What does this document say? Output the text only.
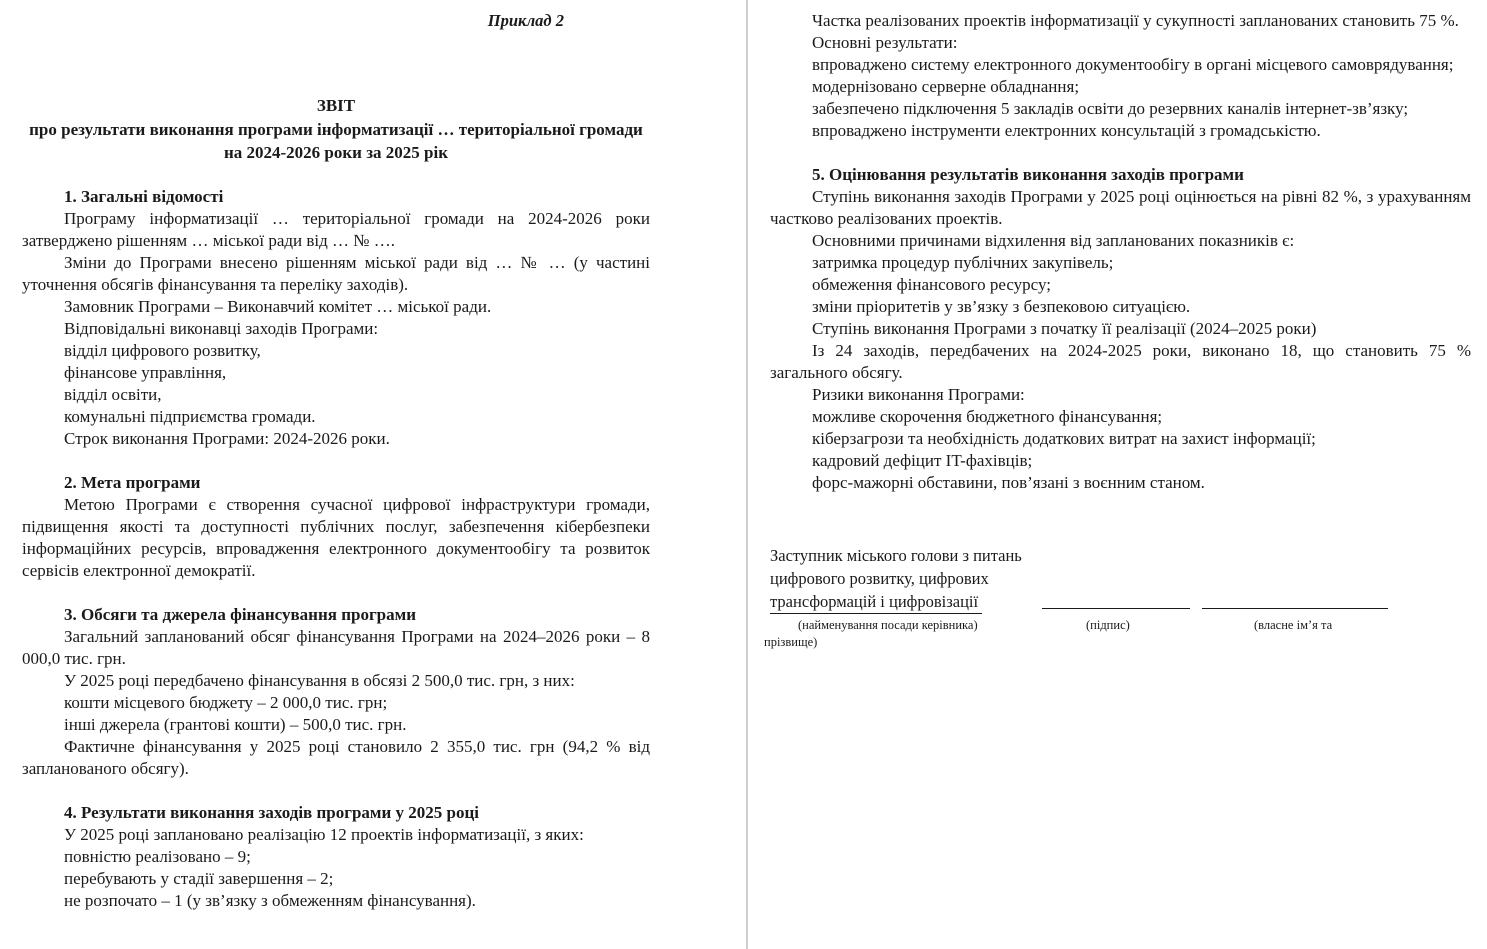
Приклад 2
ЗВІТ
про результати виконання програми інформатизації … територіальної громади на 2024-2026 роки за 2025 рік
1. Загальні відомості

Програму інформатизації … територіальної громади на 2024-2026 роки затверджено рішенням … міської ради від … № ….

Зміни до Програми внесено рішенням міської ради від … № … (у частині уточнення обсягів фінансування та переліку заходів).

Замовник Програми – Виконавчий комітет … міської ради.

Відповідальні виконавці заходів Програми:

відділ цифрового розвитку,

фінансове управління,

відділ освіти,

комунальні підприємства громади.

Строк виконання Програми: 2024-2026 роки.

2. Мета програми

Метою Програми є створення сучасної цифрової інфраструктури громади, підвищення якості та доступності публічних послуг, забезпечення кібербезпеки інформаційних ресурсів, впровадження електронного документообігу та розвиток сервісів електронної демократії.

3. Обсяги та джерела фінансування програми

Загальний запланований обсяг фінансування Програми на 2024–2026 роки – 8 000,0 тис. грн.

У 2025 році передбачено фінансування в обсязі 2 500,0 тис. грн, з них:

кошти місцевого бюджету – 2 000,0 тис. грн;

інші джерела (грантові кошти) – 500,0 тис. грн.

Фактичне фінансування у 2025 році становило 2 355,0 тис. грн (94,2 % від запланованого обсягу).

4. Результати виконання заходів програми у 2025 році

У 2025 році заплановано реалізацію 12 проектів інформатизації, з яких:

повністю реалізовано – 9;

перебувають у стадії завершення – 2;

не розпочато – 1 (у зв’язку з обмеженням фінансування).

Частка реалізованих проектів інформатизації у сукупності запланованих становить 75 %.

Основні результати:

впроваджено систему електронного документообігу в органі місцевого самоврядування;

модернізовано серверне обладнання;

забезпечено підключення 5 закладів освіти до резервних каналів інтернет-зв’язку;

впроваджено інструменти електронних консультацій з громадськістю.

5. Оцінювання результатів виконання заходів програми

Ступінь виконання заходів Програми у 2025 році оцінюється на рівні 82 %, з урахуванням частково реалізованих проектів.

Основними причинами відхилення від запланованих показників є:

затримка процедур публічних закупівель;

обмеження фінансового ресурсу;

зміни пріоритетів у зв’язку з безпековою ситуацією.

Ступінь виконання Програми з початку її реалізації (2024–2025 роки)

Із 24 заходів, передбачених на 2024-2025 роки, виконано 18, що становить 75 % загального обсягу.

Ризики виконання Програми:

можливе скорочення бюджетного фінансування;

кіберзагрози та необхідність додаткових витрат на захист інформації;

кадровий дефіцит IT-фахівців;

форс-мажорні обставини, пов’язані з воєнним станом.

Заступник міського голови з питань
цифрового розвитку, цифрових
трансформацій і цифровізації
(найменування посади керівника)	(підпис)	(власне ім’я та
прізвище)
